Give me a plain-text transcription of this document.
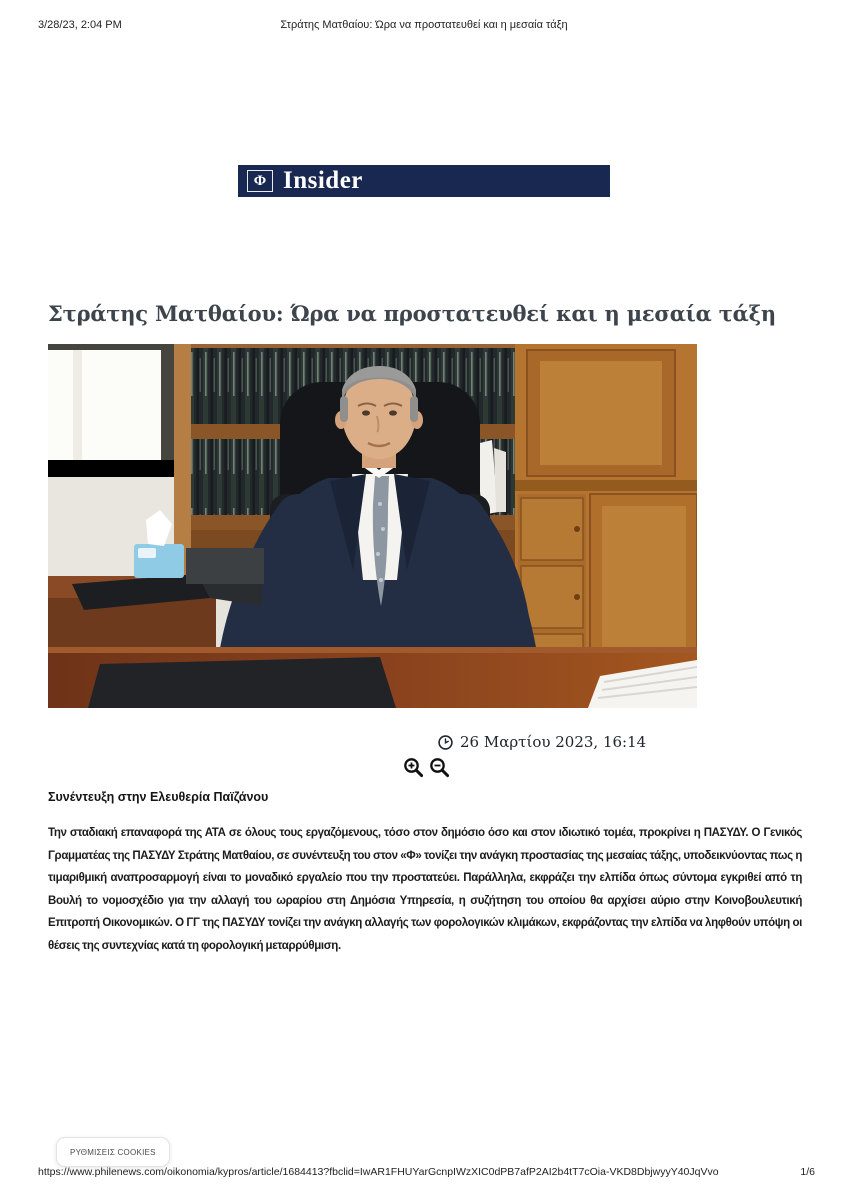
3/28/23, 2:04 PM	Στράτης Ματθαίου: Ώρα να προστατευθεί και η μεσαία τάξη
Φ Insider
Στράτης Ματθαίου: Ώρα να προστατευθεί και η μεσαία τάξη
26 Μαρτίου 2023, 16:14
Συνέντευξη στην Ελευθερία Παϊζάνου
Την σταδιακή επαναφορά της ΑΤΑ σε όλους τους εργαζόμενους, τόσο στον δημόσιο όσο και στον ιδιωτικό τομέα, προκρίνει η ΠΑΣΥΔΥ. Ο Γενικός Γραμματέας της ΠΑΣΥΔΥ Στράτης Ματθαίου, σε συνέντευξη του στον «Φ» τονίζει την ανάγκη προστασίας της μεσαίας τάξης, υποδεικνύοντας πως η τιμαριθμική αναπροσαρμογή είναι το μοναδικό εργαλείο που την προστατεύει. Παράλληλα, εκφράζει την ελπίδα όπως σύντομα εγκριθεί από τη Βουλή το νομοσχέδιο για την αλλαγή του ωραρίου στη Δημόσια Υπηρεσία, η συζήτηση του οποίου θα αρχίσει αύριο στην Κοινοβουλευτική Επιτροπή Οικονομικών. Ο ΓΓ της ΠΑΣΥΔΥ τονίζει την ανάγκη αλλαγής των φορολογικών κλιμάκων, εκφράζοντας την ελπίδα να ληφθούν υπόψη οι θέσεις της συντεχνίας κατά τη φορολογική μεταρρύθμιση.
ΡΥΘΜΙΣΕΙΣ COOKIES
https://www.philenews.com/oikonomia/kypros/article/1684413?fbclid=IwAR1FHUYarGcnpIWzXIC0dPB7afP2AI2b4tT7cOia-VKD8DbjwyyY40JqVvo	1/6
